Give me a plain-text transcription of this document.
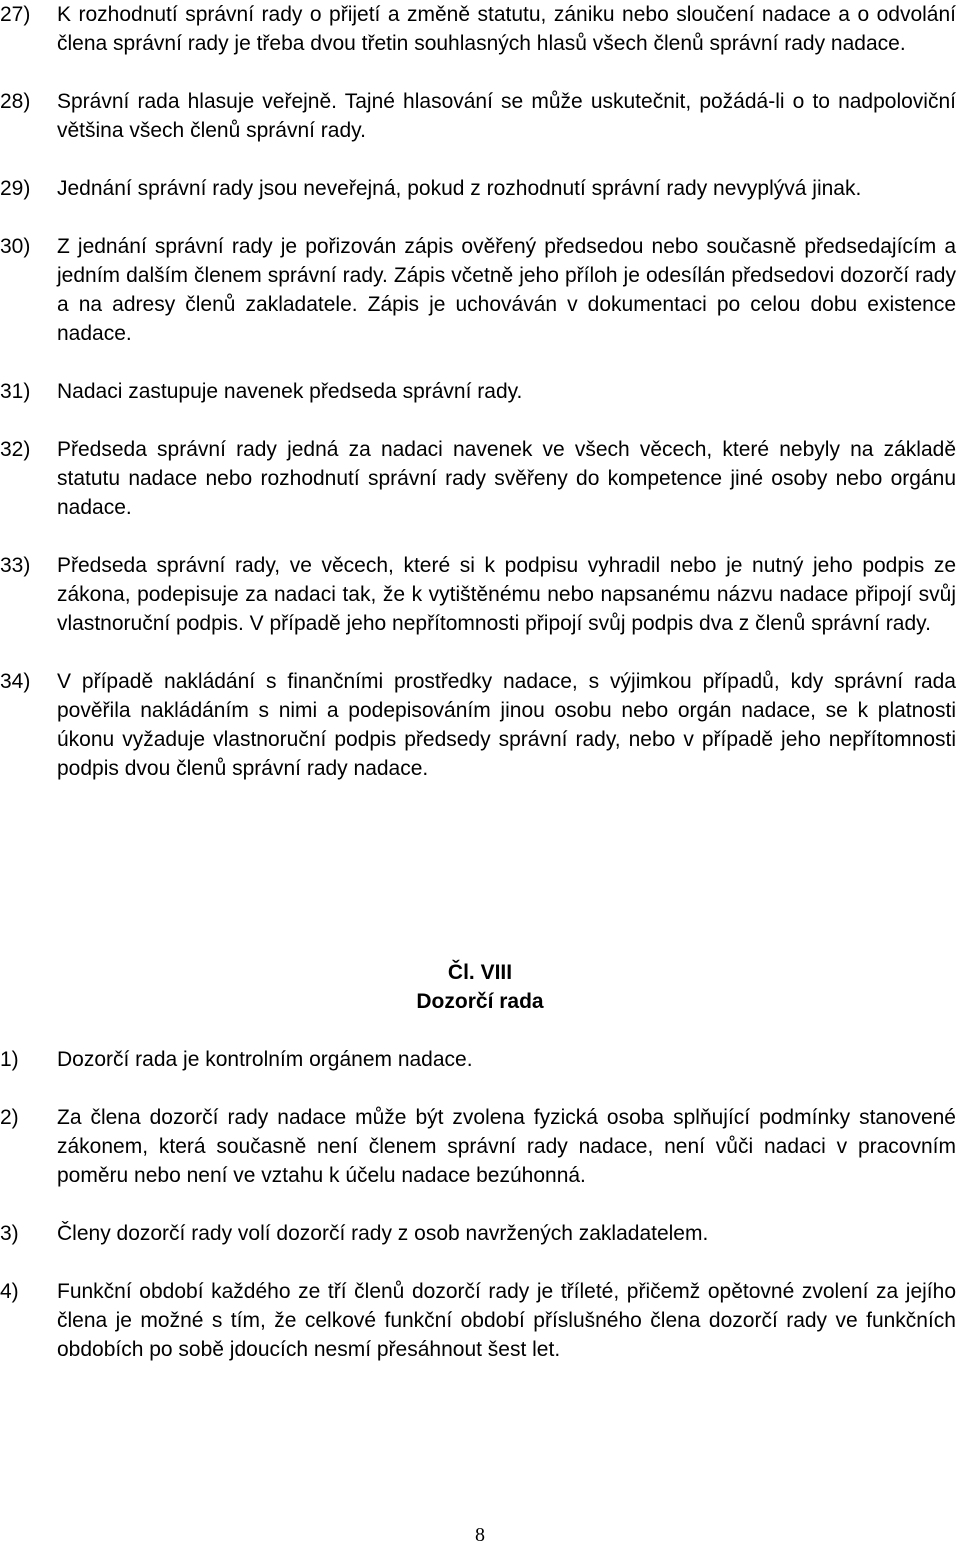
27)	K rozhodnutí správní rady o přijetí a změně statutu, zániku nebo sloučení nadace a o odvolání člena správní rady je třeba dvou třetin souhlasných hlasů všech členů správní rady nadace.
28)	Správní rada hlasuje veřejně. Tajné hlasování se může uskutečnit, požádá-li o to nadpoloviční většina všech členů správní rady.
29)	Jednání správní rady jsou neveřejná, pokud z rozhodnutí správní rady nevyplývá jinak.
30)	Z jednání správní rady je pořizován zápis ověřený předsedou nebo současně předsedajícím a jedním dalším členem správní rady. Zápis včetně jeho příloh je odesílán předsedovi dozorčí rady a na adresy členů zakladatele. Zápis je uchováván v dokumentaci po celou dobu existence nadace.
31)	Nadaci zastupuje navenek předseda správní rady.
32)	Předseda správní rady jedná za nadaci navenek ve všech věcech, které nebyly na základě statutu nadace nebo rozhodnutí správní rady svěřeny do kompetence jiné osoby nebo orgánu nadace.
33)	Předseda správní rady, ve věcech, které si k podpisu vyhradil nebo je nutný jeho podpis ze zákona, podepisuje za nadaci tak, že k vytištěnému nebo napsanému názvu nadace připojí svůj vlastnoruční podpis. V případě jeho nepřítomnosti připojí svůj podpis dva z členů správní rady.
34)	V případě nakládání s finančními prostředky nadace, s výjimkou případů, kdy správní rada pověřila nakládáním s nimi a podepisováním jinou osobu nebo orgán nadace, se k platnosti úkonu vyžaduje vlastnoruční podpis předsedy správní rady, nebo v případě jeho nepřítomnosti podpis dvou členů správní rady nadace.
Čl. VIII
Dozorčí rada
1)	Dozorčí rada je kontrolním orgánem nadace.
2)	Za člena dozorčí rady nadace může být zvolena fyzická osoba splňující podmínky stanovené zákonem, která současně není členem správní rady nadace, není vůči nadaci v pracovním poměru nebo není ve vztahu k účelu nadace bezúhonná.
3)	Členy dozorčí rady volí dozorčí rady z osob navržených zakladatelem.
4)	Funkční období každého ze tří členů dozorčí rady je tříleté, přičemž opětovné zvolení za jejího člena je možné s tím, že celkové funkční období příslušného člena dozorčí rady ve funkčních obdobích po sobě jdoucích nesmí přesáhnout šest let.
8
